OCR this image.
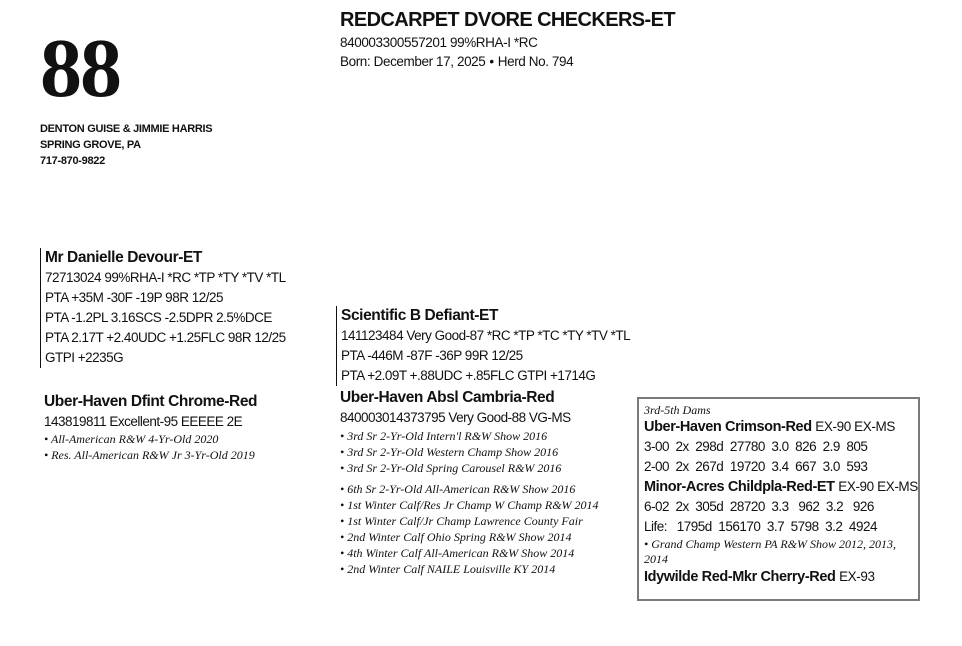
88
DENTON GUISE & JIMMIE HARRIS
SPRING GROVE, PA
717-870-9822
REDCARPET DVORE CHECKERS-ET
840003300557201 99%RHA-I *RC
Born: December 17, 2025 • Herd No. 794
Mr Danielle Devour-ET
72713024 99%RHA-I *RC *TP *TY *TV *TL
PTA +35M -30F -19P 98R 12/25
PTA -1.2PL 3.16SCS -2.5DPR 2.5%DCE
PTA 2.17T +2.40UDC +1.25FLC 98R 12/25
GTPI +2235G
Uber-Haven Dfint Chrome-Red
143819811 Excellent-95 EEEEE 2E
• All-American R&W 4-Yr-Old 2020
• Res. All-American R&W Jr 3-Yr-Old 2019
Scientific B Defiant-ET
141123484 Very Good-87 *RC *TP *TC *TY *TV *TL
PTA -446M -87F -36P 99R 12/25
PTA +2.09T +.88UDC +.85FLC GTPI +1714G
Uber-Haven Absl Cambria-Red
840003014373795 Very Good-88 VG-MS
• 3rd Sr 2-Yr-Old Intern'l R&W Show 2016
• 3rd Sr 2-Yr-Old Western Champ Show 2016
• 3rd Sr 2-Yr-Old Spring Carousel R&W 2016
• 6th Sr 2-Yr-Old All-American R&W Show 2016
• 1st Winter Calf/Res Jr Champ W Champ R&W 2014
• 1st Winter Calf/Jr Champ Lawrence County Fair
• 2nd Winter Calf Ohio Spring R&W Show 2014
• 4th Winter Calf All-American R&W Show 2014
• 2nd Winter Calf NAILE Louisville KY 2014
3rd-5th Dams
Uber-Haven Crimson-Red EX-90 EX-MS
3-00  2x  298d  27780  3.0  826  2.9  805
2-00  2x  267d  19720  3.4  667  3.0  593
Minor-Acres Childpla-Red-ET EX-90 EX-MS
6-02  2x  305d  28720  3.3   962  3.2   926
Life:   1795d  156170  3.7  5798  3.2  4924
• Grand Champ Western PA R&W Show 2012, 2013, 2014
Idywilde Red-Mkr Cherry-Red EX-93
